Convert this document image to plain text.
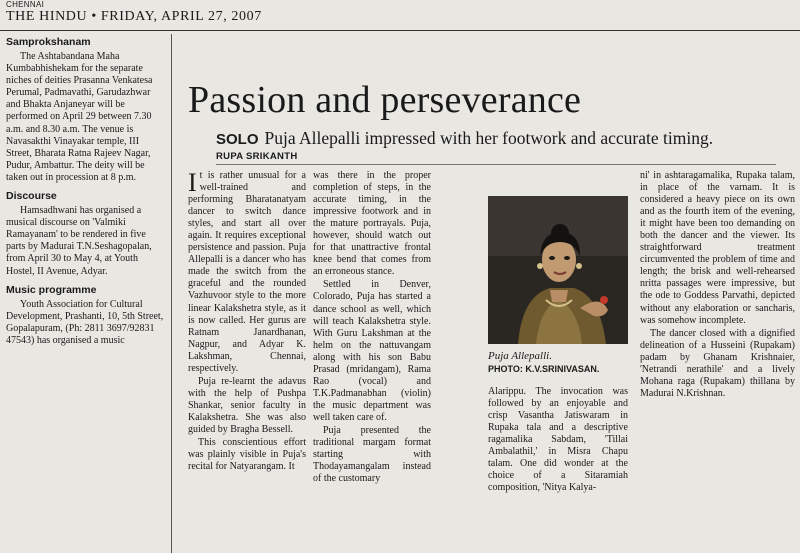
CHENNAI
THE HINDU • FRIDAY, APRIL 27, 2007
Samprokshanam

The Ashtabandana Maha Kumbabhishekam for the separate niches of deities Prasanna Venkatesa Perumal, Padmavathi, Garudazhwar and Bhakta Anjaneyar will be performed on April 29 between 7.30 a.m. and 8.30 a.m. The venue is Navasakthi Vinayakar temple, III Street, Bharata Ratna Rajeev Nagar, Pudur, Ambattur. The deity will be taken out in procession at 8 p.m.

Discourse

Hamsadhwani has organised a musical discourse on 'Valmiki Ramayanam' to be rendered in five parts by Madurai T.N.Seshagopalan, from April 30 to May 4, at Youth Hostel, II Avenue, Adyar.

Music programme

Youth Association for Cultural Development, Prashanti, 10, 5th Street, Gopalapuram, (Ph: 2811 3697/92831 47543) has organised a music

Passion and perseverance
SOLO Puja Allepalli impressed with her footwork and accurate timing.
RUPA SRIKANTH

It is rather unusual for a well-trained and performing Bharatanatyam dancer to switch dance styles, and start all over again. It requires exceptional persistence and passion. Puja Allepalli is a dancer who has made the switch from the graceful and the rounded Vazhuvoor style to the more linear Kalakshetra style, as it is now called. Her gurus are Ratnam Janardhanan, Nagpur, and Adyar K. Lakshman, Chennai, respectively.

Puja re-learnt the adavus with the help of Pushpa Shankar, senior faculty in Kalakshetra. She was also guided by Bragha Bessell.

This conscientious effort was plainly visible in Puja's recital for Natyarangam. It

was there in the proper completion of steps, in the accurate timing, in the impressive footwork and in the mature portrayals. Puja, however, should watch out for that unattractive frontal knee bend that comes from an erroneous stance.

Settled in Denver, Colorado, Puja has started a dance school as well, which will teach Kalakshetra style. With Guru Lakshman at the helm on the nattuvangam along with his son Babu Prasad (mridangam), Rama Rao (vocal) and T.K.Padmanabhan (violin) the music department was well taken care of.

Puja presented the traditional margam format starting with Thodayamangalam instead of the customary

Puja Allepalli.
PHOTO: K.V.SRINIVASAN.

Alarippu. The invocation was followed by an enjoyable and crisp Vasantha Jatiswaram in Rupaka tala and a descriptive ragamalika Sabdam, 'Tillai Ambalathil,' in Misra Chapu talam. One did wonder at the choice of a Sitaramiah composition, 'Nitya Kalya-

ni' in ashtaragamalika, Rupaka talam, in place of the varnam. It is considered a heavy piece on its own and as the fourth item of the evening, it might have been too demanding on both the dancer and the viewer. Its straightforward treatment circumvented the problem of time and length; the brisk and well-rehearsed nritta passages were impressive, but the ode to Goddess Parvathi, depicted without any elaboration or sancharis, was somehow incomplete.

The dancer closed with a dignified delineation of a Husseini (Rupakam) padam by Ghanam Krishnaier, 'Netrandi nerathile' and a lively Mohana raga (Rupakam) thillana by Madurai N.Krishnan.
